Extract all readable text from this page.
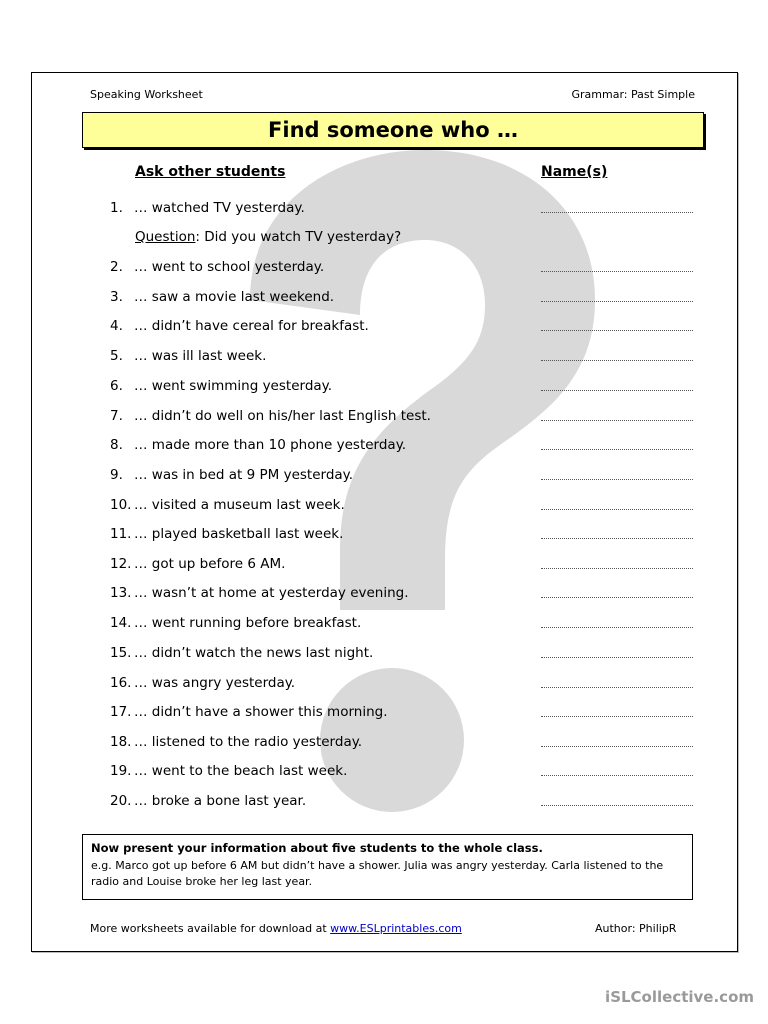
Speaking Worksheet	Grammar: Past Simple
Find someone who …
Ask other students	Name(s)
Question: Did you watch TV yesterday?
1. … watched TV yesterday.
2. … went to school yesterday.
3. … saw a movie last weekend.
4. … didn’t have cereal for breakfast.
5. … was ill last week.
6. … went swimming yesterday.
7. … didn’t do well on his/her last English test.
8. … made more than 10 phone yesterday.
9. … was in bed at 9 PM yesterday.
10. … visited a museum last week.
11. … played basketball last week.
12. … got up before 6 AM.
13. … wasn’t at home at yesterday evening.
14. … went running before breakfast.
15. … didn’t watch the news last night.
16. … was angry yesterday.
17. … didn’t have a shower this morning.
18. … listened to the radio yesterday.
19. … went to the beach last week.
20. … broke a bone last year.
Now present your information about five students to the whole class.
e.g. Marco got up before 6 AM but didn’t have a shower. Julia was angry yesterday. Carla listened to the radio and Louise broke her leg last year.
More worksheets available for download at www.ESLprintables.com	Author: PhilipR
iSLCollective.com
